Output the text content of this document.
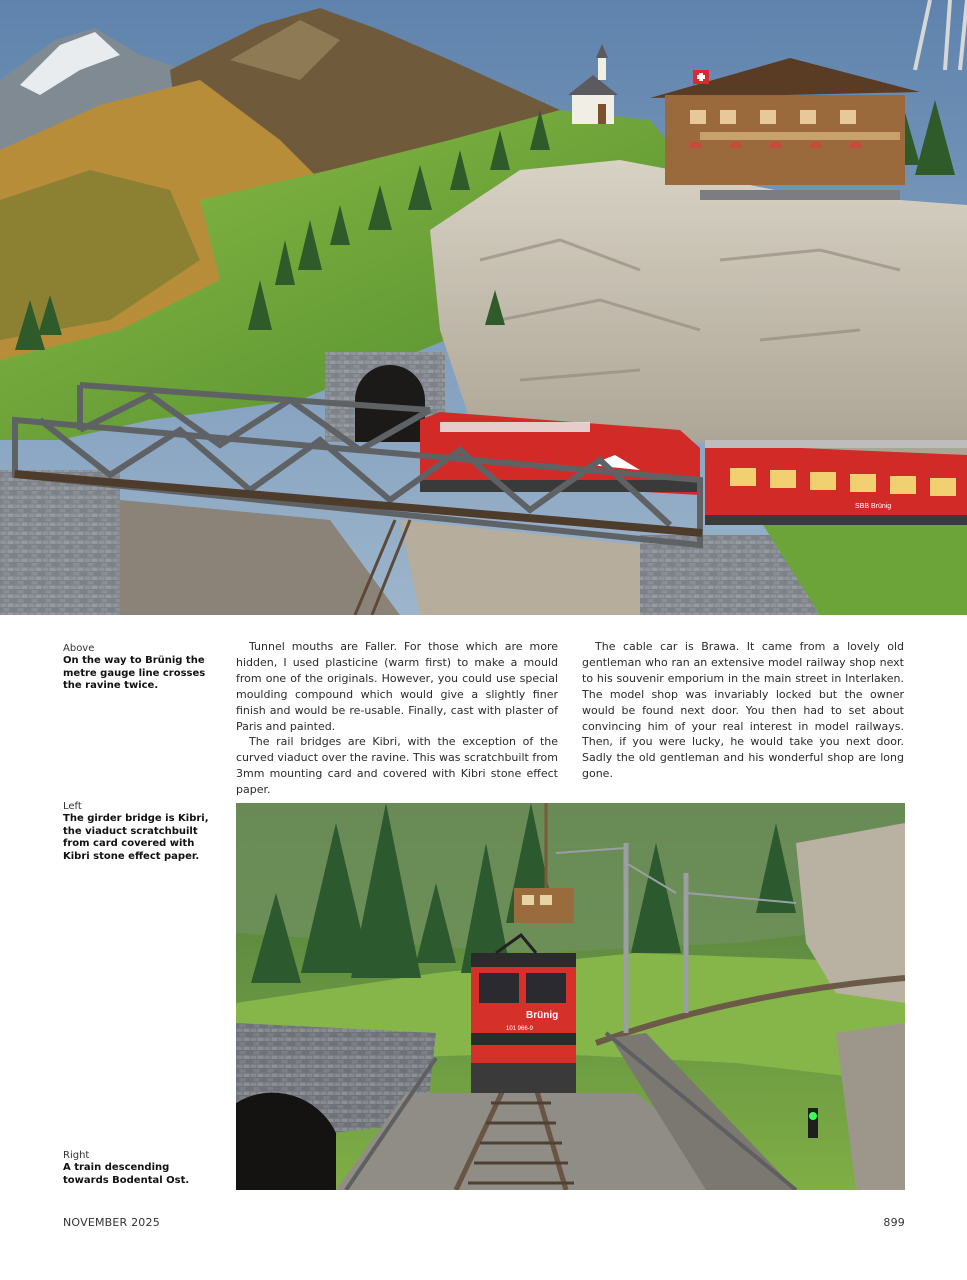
SBB Brünig
Above
On the way to Brünig the metre gauge line crosses the ravine twice.
Left
The girder bridge is Kibri, the viaduct scratchbuilt from card covered with Kibri stone effect paper.
Right
A train descending towards Bodental Ost.

Tunnel mouths are Faller. For those which are more hidden, I used plasticine (warm first) to make a mould from one of the originals. However, you could use special moulding compound which would give a slightly finer finish and would be re-usable. Finally, cast with plaster of Paris and painted.

The rail bridges are Kibri, with the exception of the curved viaduct over the ravine. This was scratchbuilt from 3mm mounting card and covered with Kibri stone effect paper.

The cable car is Brawa. It came from a lovely old gentleman who ran an extensive model railway shop next to his souvenir emporium in the main street in Interlaken. The model shop was invariably locked but the owner would be found next door. You then had to set about convincing him of your real interest in model railways. Then, if you were lucky, he would take you next door. Sadly the old gentleman and his wonderful shop are long gone.

Brünig
101 966-9
NOVEMBER 2025	899
